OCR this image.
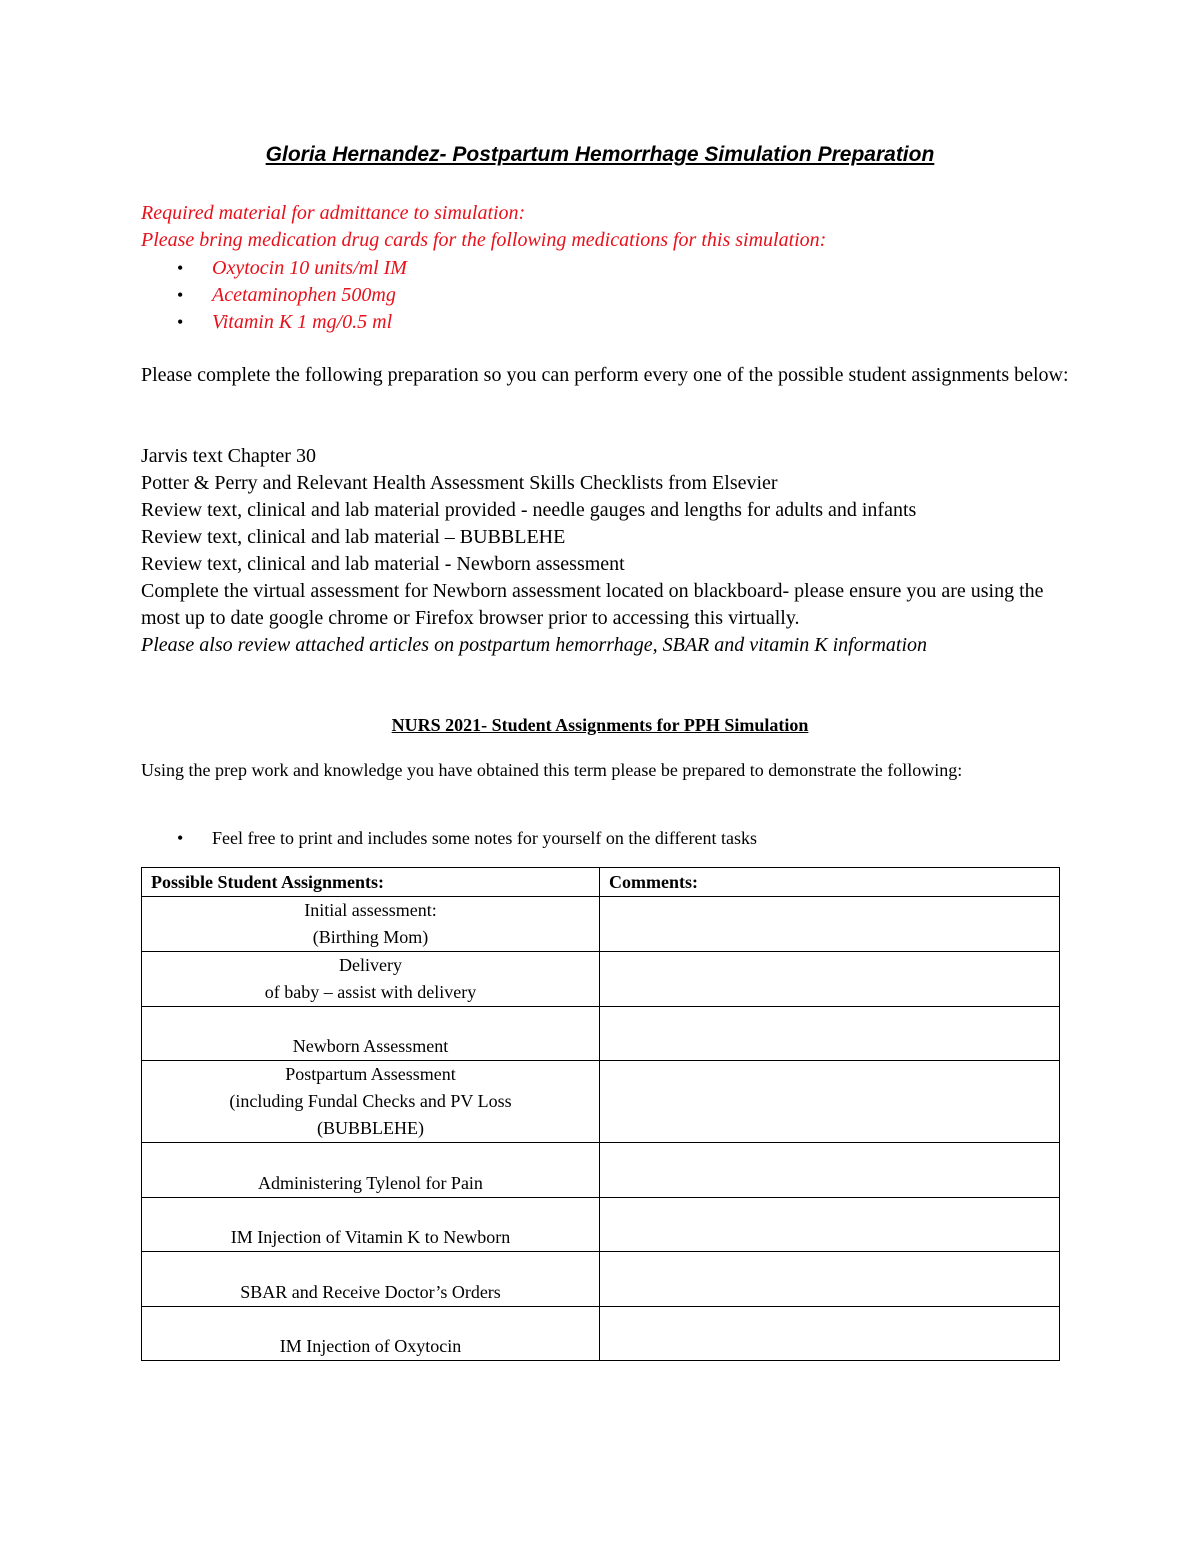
Gloria Hernandez- Postpartum Hemorrhage Simulation Preparation
Required material for admittance to simulation:
Please bring medication drug cards for the following medications for this simulation:
• Oxytocin 10 units/ml IM
• Acetaminophen 500mg
• Vitamin K 1 mg/0.5 ml
Please complete the following preparation so you can perform every one of the possible student assignments below:
Jarvis text Chapter 30
Potter & Perry and Relevant Health Assessment Skills Checklists from Elsevier
Review text, clinical and lab material provided - needle gauges and lengths for adults and infants
Review text, clinical and lab material – BUBBLEHE
Review text, clinical and lab material - Newborn assessment
Complete the virtual assessment for Newborn assessment located on blackboard- please ensure you are using the most up to date google chrome or Firefox browser prior to accessing this virtually.
Please also review attached articles on postpartum hemorrhage, SBAR and vitamin K information
NURS 2021- Student Assignments for PPH Simulation
Using the prep work and knowledge you have obtained this term please be prepared to demonstrate the following:
• Feel free to print and includes some notes for yourself on the different tasks
Possible Student Assignments:	Comments:

Initial assessment:
(Birthing Mom)	

Delivery
of baby – assist with delivery	

Newborn Assessment	

Postpartum Assessment
(including Fundal Checks and PV Loss
(BUBBLEHE)	

Administering Tylenol for Pain	

IM Injection of Vitamin K to Newborn	

SBAR and Receive Doctor’s Orders	

IM Injection of Oxytocin	
